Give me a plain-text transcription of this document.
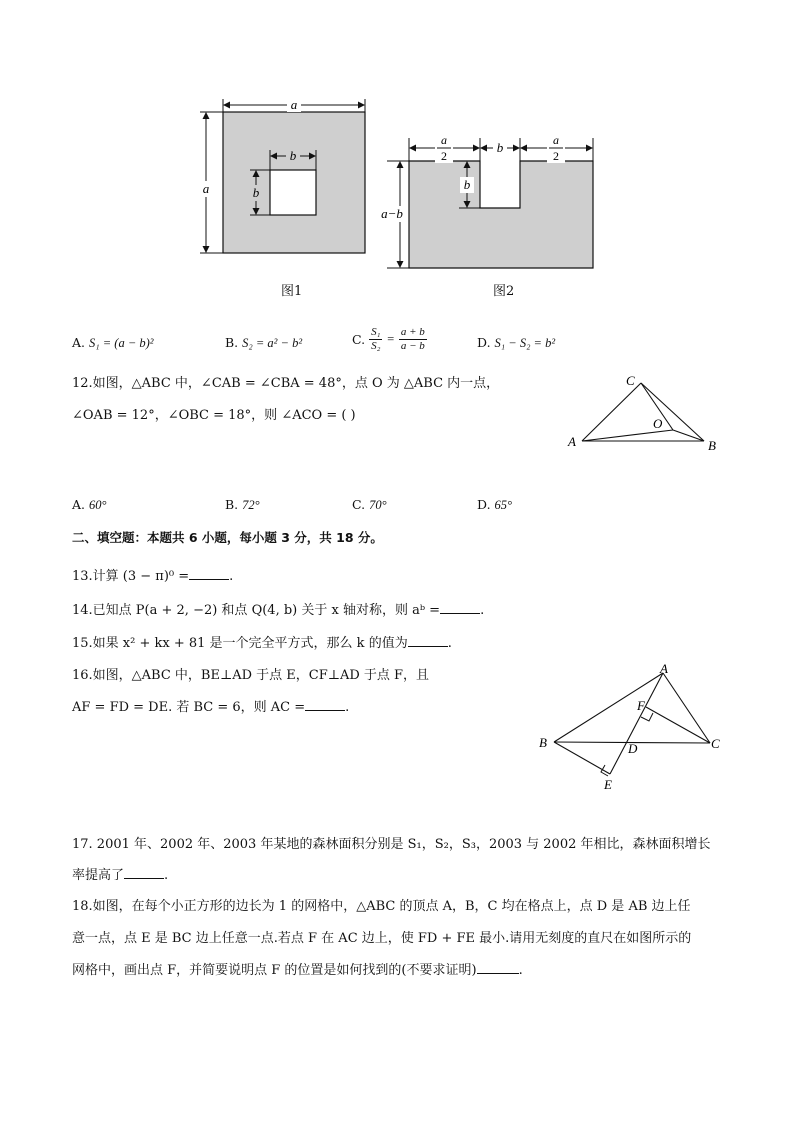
a
a
b
b
图1
a
2
b	a
2
b
a−b
图2
A. S₁ = (a − b)²	B. S₂ = a² − b²	C. $\frac{\text{S₁}}{\text{S₂}} = \frac{a + b}{a - b}$	D. S₁ − S₂ = b²
12.如图，△ABC 中，∠CAB = ∠CBA = 48°，点 O 为 △ABC 内一点，
∠OAB = 12°，∠OBC = 18°，则 ∠ACO = ( )
A	B
C
O
A. 60°	B. 72°	C. 70°	D. 65°
二、填空题：本题共 6 小题，每小题 3 分，共 18 分。
13.计算 (3 − π)⁰ =	.
14.已知点 P(a + 2, −2) 和点 Q(4, b) 关于 x 轴对称，则 aᵇ =	.
15.如果 x² + kx + 81 是一个完全平方式，那么 k 的值为	.
16.如图，△ABC 中，BE⊥AD 于点 E，CF⊥AD 于点 F，且
AF = FD = DE. 若 BC = 6，则 AC =	.
A
B	C
D
E
F
17. 2001 年、2002 年、2003 年某地的森林面积分别是 S₁，S₂，S₃，2003 与 2002 年相比，森林面积增长
率提高了	.
18.如图，在每个小正方形的边长为 1 的网格中，△ABC 的顶点 A，B，C 均在格点上，点 D 是 AB 边上任
意一点，点 E 是 BC 边上任意一点.若点 F 在 AC 边上，使 FD + FE 最小.请用无刻度的直尺在如图所示的
网格中，画出点 F，并简要说明点 F 的位置是如何找到的(不要求证明)	.
